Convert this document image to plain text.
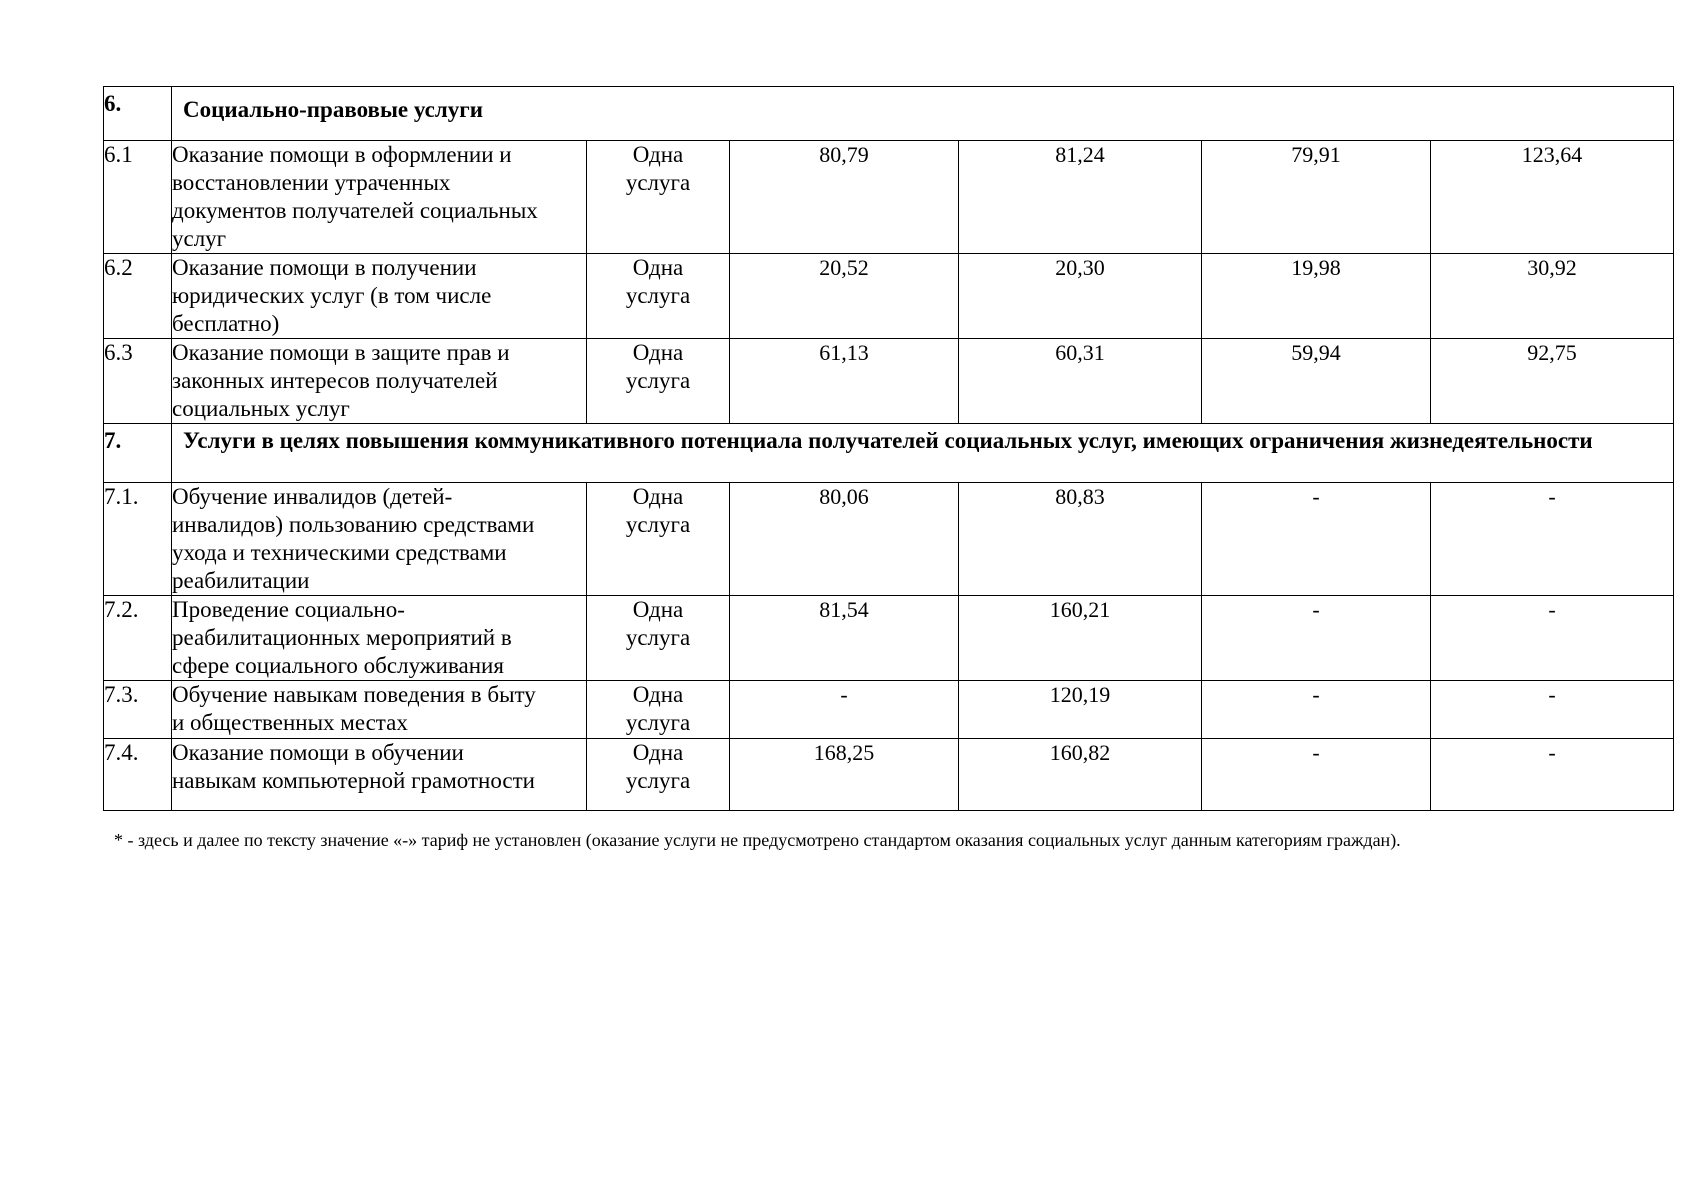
6.	Социально-правовые услуги					
6.1	Оказание помощи в оформлении и
восстановлении утраченных
документов получателей социальных
услуг	Одна
услуга	80,79	81,24	79,91	123,64
6.2	Оказание помощи в получении
юридических услуг (в том числе
бесплатно)	Одна
услуга	20,52	20,30	19,98	30,92
6.3	Оказание помощи в защите прав и
законных интересов получателей
социальных услуг	Одна
услуга	61,13	60,31	59,94	92,75
7.	Услуги в целях повышения коммуникативного потенциала получателей социальных услуг, имеющих ограничения жизнедеятельности					
7.1.	Обучение инвалидов (детей-
инвалидов) пользованию средствами
ухода и техническими средствами
реабилитации	Одна
услуга	80,06	80,83	-	-
7.2.	Проведение социально-
реабилитационных мероприятий в
сфере социального обслуживания	Одна
услуга	81,54	160,21	-	-
7.3.	Обучение навыкам поведения в быту
и общественных местах	Одна
услуга	-	120,19	-	-
7.4.	Оказание помощи в обучении
навыкам компьютерной грамотности	Одна
услуга	168,25	160,82	-	-
* - здесь и далее по тексту значение «-» тариф не установлен (оказание услуги не предусмотрено стандартом оказания социальных услуг данным категориям граждан).
